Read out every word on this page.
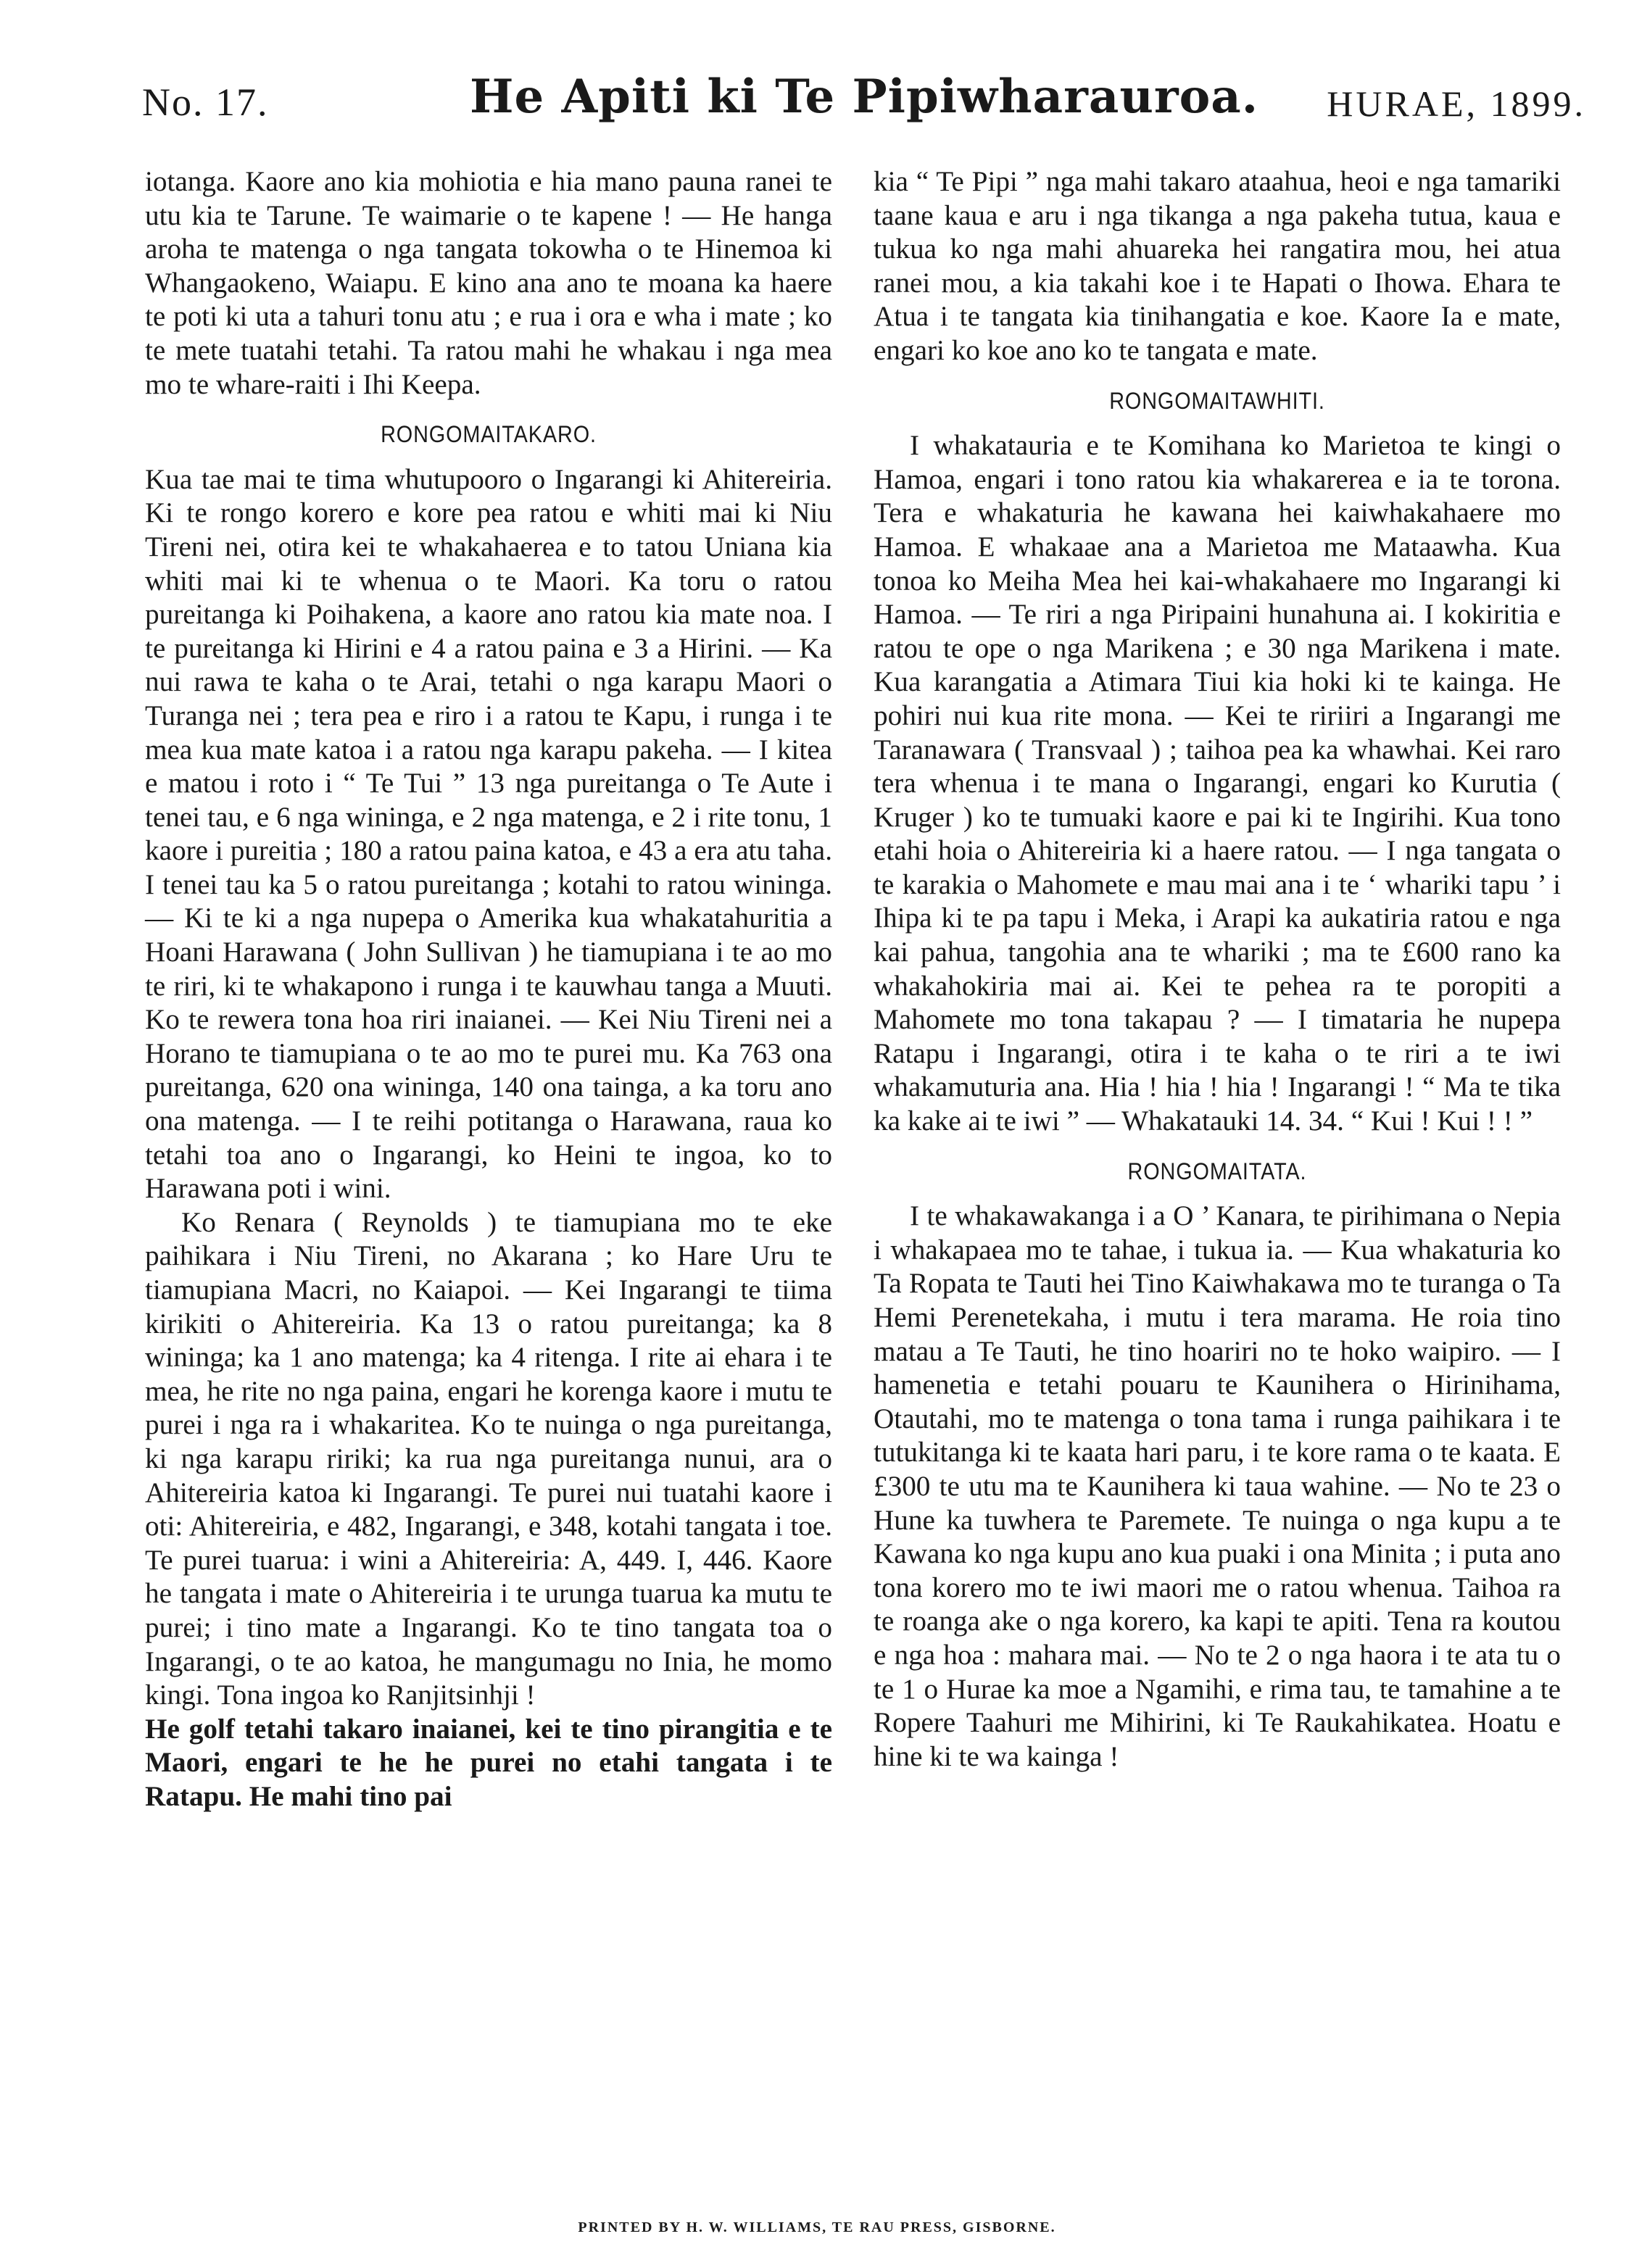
No. 17.	He Apiti ki Te Pipiwharauroa.	HURAE, 1899.

iotanga. Kaore ano kia mohiotia e hia mano pauna ranei te utu kia te Tarune. Te waimarie o te kapene ! — He hanga aroha te matenga o nga tangata tokowha o te Hinemoa ki Whangaokeno, Waiapu. E kino ana ano te moana ka haere te poti ki uta a tahuri tonu atu ; e rua i ora e wha i mate ; ko te mete tuatahi tetahi. Ta ratou mahi he whakau i nga mea mo te whare-raiti i Ihi Keepa.

RONGOMAITAKARO.

Kua tae mai te tima whutupooro o Ingarangi ki Ahitereiria. Ki te rongo korero e kore pea ratou e whiti mai ki Niu Tireni nei, otira kei te whakahaerea e to tatou Uniana kia whiti mai ki te whenua o te Maori. Ka toru o ratou pureitanga ki Poihakena, a kaore ano ratou kia mate noa. I te pureitanga ki Hirini e 4 a ratou paina e 3 a Hirini. — Ka nui rawa te kaha o te Arai, tetahi o nga karapu Maori o Turanga nei ; tera pea e riro i a ratou te Kapu, i runga i te mea kua mate katoa i a ratou nga karapu pakeha. — I kitea e matou i roto i “ Te Tui ” 13 nga pureitanga o Te Aute i tenei tau, e 6 nga wininga, e 2 nga matenga, e 2 i rite tonu, 1 kaore i pureitia ; 180 a ratou paina katoa, e 43 a era atu taha. I tenei tau ka 5 o ratou pureitanga ; kotahi to ratou wininga. — Ki te ki a nga nupepa o Amerika kua whakatahuritia a Hoani Harawana ( John Sullivan ) he tiamupiana i te ao mo te riri, ki te whakapono i runga i te kauwhau tanga a Muuti. Ko te rewera tona hoa riri inaianei. — Kei Niu Tireni nei a Horano te tiamupiana o te ao mo te purei mu. Ka 763 ona pureitanga, 620 ona wininga, 140 ona tainga, a ka toru ano ona matenga. — I te reihi potitanga o Harawana, raua ko tetahi toa ano o Ingarangi, ko Heini te ingoa, ko to Harawana poti i wini.

Ko Renara ( Reynolds ) te tiamupiana mo te eke paihikara i Niu Tireni, no Akarana ; ko Hare Uru te tiamupiana Macri, no Kaiapoi. — Kei Ingarangi te tiima kirikiti o Ahitereiria. Ka 13 o ratou pureitanga; ka 8 wininga; ka 1 ano matenga; ka 4 ritenga. I rite ai ehara i te mea, he rite no nga paina, engari he korenga kaore i mutu te purei i nga ra i whakaritea. Ko te nuinga o nga pureitanga, ki nga karapu ririki; ka rua nga pureitanga nunui, ara o Ahitereiria katoa ki Ingarangi. Te purei nui tuatahi kaore i oti: Ahitereiria, e 482, Ingarangi, e 348, kotahi tangata i toe. Te purei tuarua: i wini a Ahitereiria: A, 449. I, 446. Kaore he tangata i mate o Ahitereiria i te urunga tuarua ka mutu te purei; i tino mate a Ingarangi. Ko te tino tangata toa o Ingarangi, o te ao katoa, he mangumagu no Inia, he momo kingi. Tona ingoa ko Ranjitsinhji !

He golf tetahi takaro inaianei, kei te tino pirangitia e te Maori, engari te he he purei no etahi tangata i te Ratapu. He mahi tino pai

kia “ Te Pipi ” nga mahi takaro ataahua, heoi e nga tamariki taane kaua e aru i nga tikanga a nga pakeha tutua, kaua e tukua ko nga mahi ahuareka hei rangatira mou, hei atua ranei mou, a kia takahi koe i te Hapati o Ihowa. Ehara te Atua i te tangata kia tinihangatia e koe. Kaore Ia e mate, engari ko koe ano ko te tangata e mate.

RONGOMAITAWHITI.

I whakatauria e te Komihana ko Marietoa te kingi o Hamoa, engari i tono ratou kia whakarerea e ia te torona. Tera e whakaturia he kawana hei kaiwhakahaere mo Hamoa. E whakaae ana a Marietoa me Mataawha. Kua tonoa ko Meiha Mea hei kai-whakahaere mo Ingarangi ki Hamoa. — Te riri a nga Piripaini hunahuna ai. I kokiritia e ratou te ope o nga Marikena ; e 30 nga Marikena i mate. Kua karangatia a Atimara Tiui kia hoki ki te kainga. He pohiri nui kua rite mona. — Kei te ririiri a Ingarangi me Taranawara ( Transvaal ) ; taihoa pea ka whawhai. Kei raro tera whenua i te mana o Ingarangi, engari ko Kurutia ( Kruger ) ko te tumuaki kaore e pai ki te Ingirihi. Kua tono etahi hoia o Ahitereiria ki a haere ratou. — I nga tangata o te karakia o Mahomete e mau mai ana i te ‘ whariki tapu ’ i Ihipa ki te pa tapu i Meka, i Arapi ka aukatiria ratou e nga kai pahua, tangohia ana te whariki ; ma te £600 rano ka whakahokiria mai ai. Kei te pehea ra te poropiti a Mahomete mo tona takapau ? — I timataria he nupepa Ratapu i Ingarangi, otira i te kaha o te riri a te iwi whakamuturia ana. Hia ! hia ! hia ! Ingarangi ! “ Ma te tika ka kake ai te iwi ” — Whakatauki 14. 34. “ Kui ! Kui ! ! ”

RONGOMAITATA.

I te whakawakanga i a O ’ Kanara, te pirihimana o Nepia i whakapaea mo te tahae, i tukua ia. — Kua whakaturia ko Ta Ropata te Tauti hei Tino Kaiwhakawa mo te turanga o Ta Hemi Perenetekaha, i mutu i tera marama. He roia tino matau a Te Tauti, he tino hoariri no te hoko waipiro. — I hamenetia e tetahi pouaru te Kaunihera o Hirinihama, Otautahi, mo te matenga o tona tama i runga paihikara i te tutukitanga ki te kaata hari paru, i te kore rama o te kaata. E £300 te utu ma te Kaunihera ki taua wahine. — No te 23 o Hune ka tuwhera te Paremete. Te nuinga o nga kupu a te Kawana ko nga kupu ano kua puaki i ona Minita ; i puta ano tona korero mo te iwi maori me o ratou whenua. Taihoa ra te roanga ake o nga korero, ka kapi te apiti. Tena ra koutou e nga hoa : mahara mai. — No te 2 o nga haora i te ata tu o te 1 o Hurae ka moe a Ngamihi, e rima tau, te tamahine a te Ropere Taahuri me Mihirini, ki Te Raukahikatea. Hoatu e hine ki te wa kainga !

PRINTED BY H. W. WILLIAMS, TE RAU PRESS, GISBORNE.
